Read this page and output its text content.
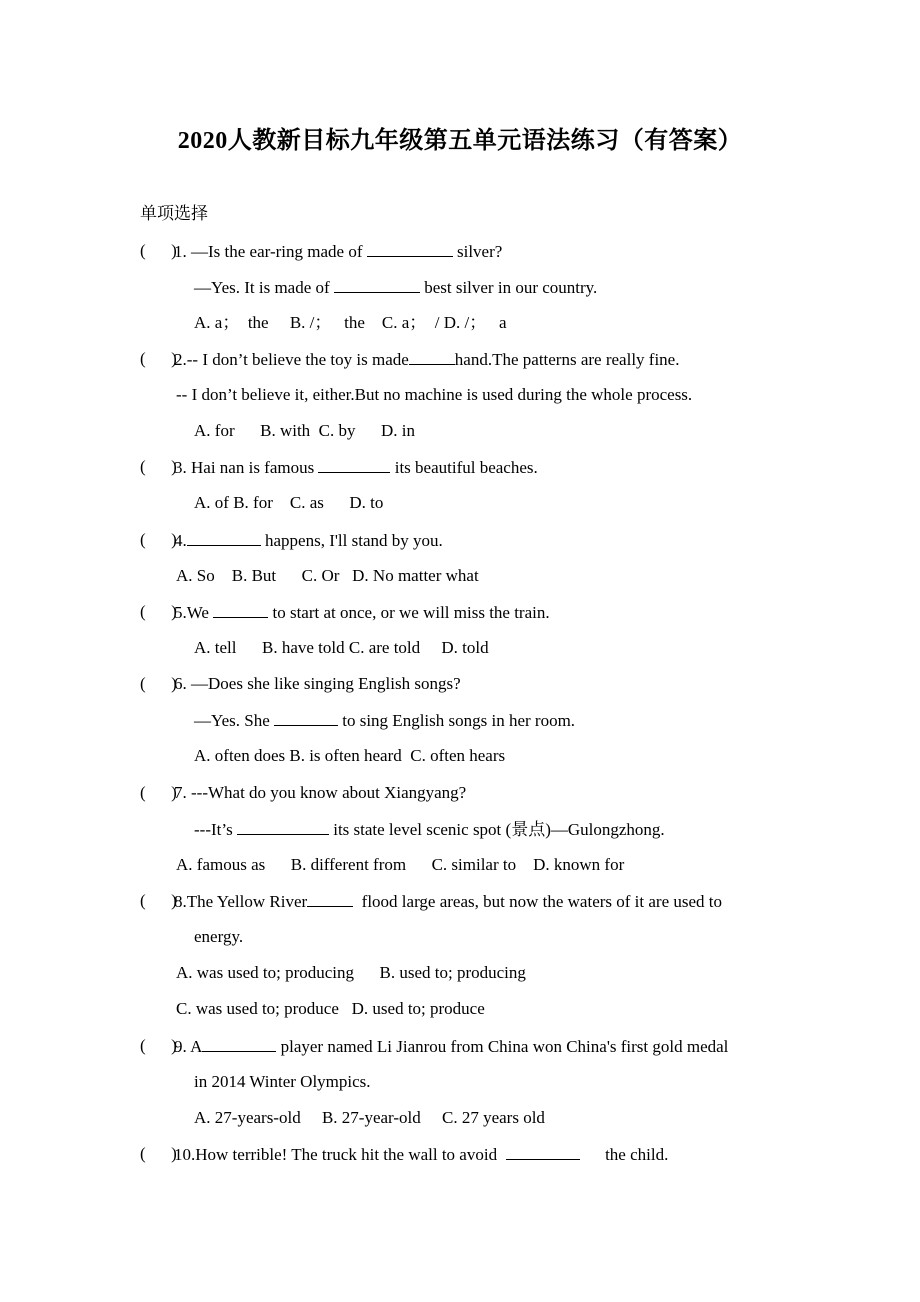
2020人教新目标九年级第五单元语法练习（有答案）
单项选择
(      )
1. —Is the ear-ring made of	silver?
—Yes. It is made of	best silver in our country.
A. a；  the     B. /；   the    C. a；  / D. /；   a
(      )
2.-- I don’t believe the toy is made	hand.The patterns are really fine.
-- I don’t believe it, either.But no machine is used during the whole process.
A. for      B. with  C. by      D. in
(      )
3. Hai nan is famous	its beautiful beaches.
A. of B. for    C. as      D. to
(      )
4.	happens, I'll stand by you.
A. So    B. But      C. Or   D. No matter what
(      )
5.We	to start at once, or we will miss the train.
A. tell      B. have told C. are told     D. told
(      )
6. —Does she like singing English songs?
—Yes. She	to sing English songs in her room.
A. often does B. is often heard  C. often hears
(      )
7. ---What do you know about Xiangyang?
---It’s	its state level scenic spot (景点)—Gulongzhong.
A. famous as      B. different from      C. similar to    D. known for
(      )
8.The Yellow River	flood large areas, but now the waters of it are used to
energy.
A. was used to; producing      B. used to; producing
C. was used to; produce   D. used to; produce
(      )
9. A	player named Li Jianrou from China won China's first gold medal
in 2014 Winter Olympics.
A. 27-years-old     B. 27-year-old     C. 27 years old
(      )
10.How terrible! The truck hit the wall to avoid	the child.
